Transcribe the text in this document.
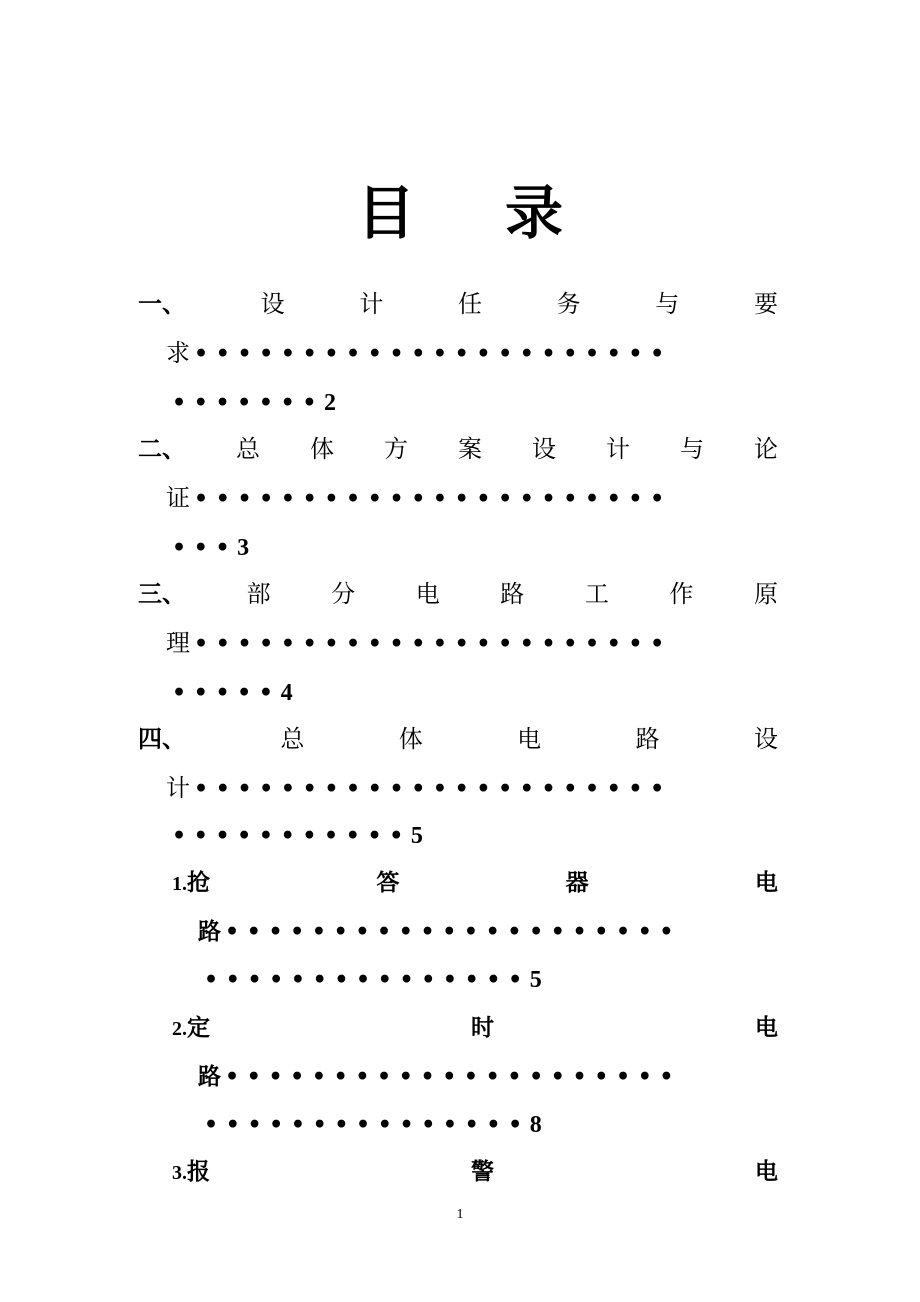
目 录
一、	设	计	任	务	与	要
求 • • • • • • • • • • • • • • • • • • • • • •
• • • • • • • 2
二、 总 体 方 案 设 计 与 论
证 • • • • • • • • • • • • • • • • • • • • • •
• • • 3
三、	部	分	电	路	工	作	原
理 • • • • • • • • • • • • • • • • • • • • • •
• • • • • 4
四、	总	体	电	路	设
计 • • • • • • • • • • • • • • • • • • • • • •
• • • • • • • • • • • 5
1.抢	答	器	电
路 • • • • • • • • • • • • • • • • • • • • •
• • • • • • • • • • • • • • • 5
2.定	时	电
路 • • • • • • • • • • • • • • • • • • • • •
• • • • • • • • • • • • • • • 8
3.报	警	电
1
